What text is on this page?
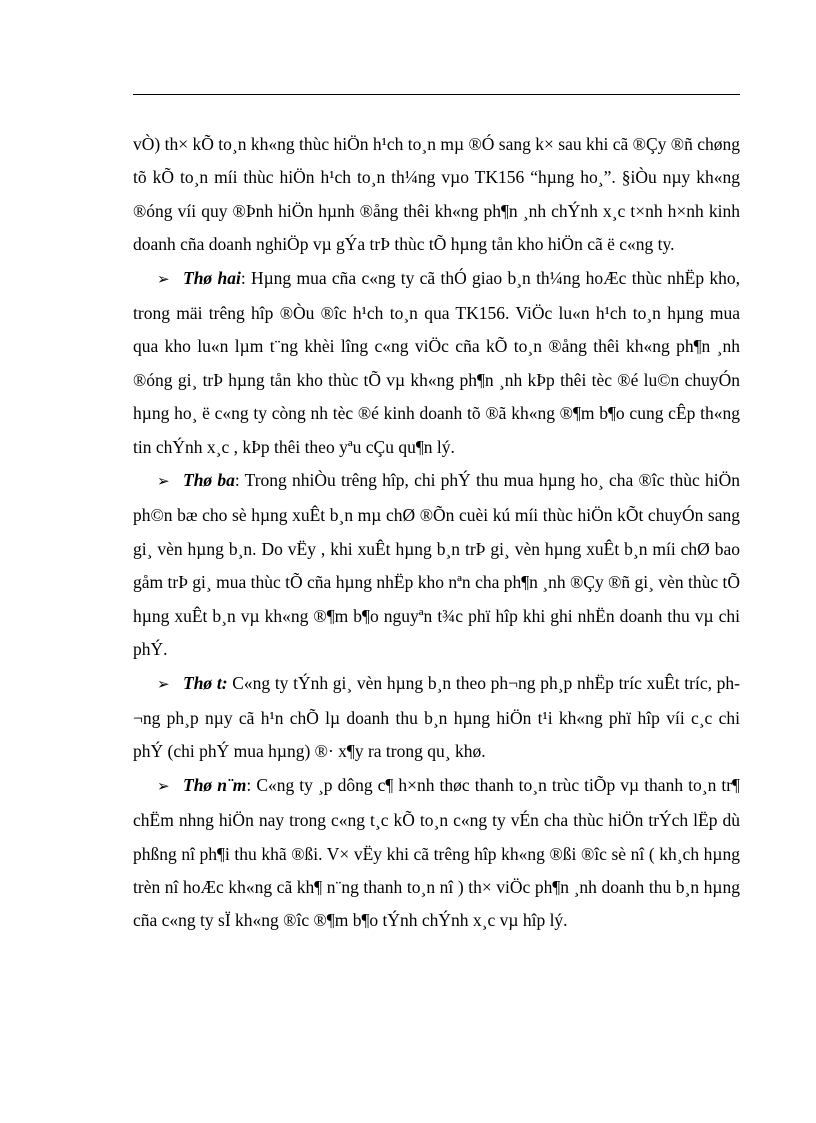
vÒ) th× kÕ to¸n kh«ng thùc hiÖn h¹ch to¸n mµ ®Ó sang k× sau khi cã ®Çy ®ñ chøng tõ kÕ to¸n míi thùc hiÖn h¹ch to¸n th¼ng vµo TK156 “hµng ho¸”. §iÒu nµy kh«ng ®óng víi quy ®Þnh hiÖn hµnh ®ång thêi kh«ng ph¶n ¸nh chÝnh x¸c t×nh h×nh kinh doanh cña doanh nghiÖp vµ gÝa trÞ thùc tÕ hµng tån kho hiÖn cã ë c«ng ty.

➢ Thø hai: Hµng mua cña c«ng ty cã thÓ giao b¸n th¼ng hoÆc thùc nhËp kho, trong mäi trêng hîp ®Òu ®îc h¹ch to¸n qua TK156. ViÖc lu«n h¹ch to¸n hµng mua qua kho lu«n lµm t¨ng khèi lîng c«ng viÖc cña kÕ to¸n ®ång thêi kh«ng ph¶n ¸nh ®óng gi¸ trÞ hµng tån kho thùc tÕ vµ kh«ng ph¶n ¸nh kÞp thêi tèc ®é lu©n chuyÓn hµng ho¸ ë c«ng ty còng nh tèc ®é kinh doanh tõ ®ã kh«ng ®¶m b¶o cung cÊp th«ng tin chÝnh x¸c , kÞp thêi theo yªu cÇu qu¶n lý.

➢ Thø ba: Trong nhiÒu trêng hîp, chi phÝ thu mua hµng ho¸ cha ®îc thùc hiÖn ph©n bæ cho sè hµng xuÊt b¸n mµ chØ ®Õn cuèi kú míi thùc hiÖn kÕt chuyÓn sang gi¸ vèn hµng b¸n. Do vËy , khi xuÊt hµng b¸n trÞ gi¸ vèn hµng xuÊt b¸n míi chØ bao gåm trÞ gi¸ mua thùc tÕ cña hµng nhËp kho nªn cha ph¶n ¸nh ®Çy ®ñ gi¸ vèn thùc tÕ hµng xuÊt b¸n vµ kh«ng ®¶m b¶o nguyªn t¾c phï hîp khi ghi nhËn doanh thu vµ chi phÝ.

➢ Thø t: C«ng ty tÝnh gi¸ vèn hµng b¸n theo ph¬ng ph¸p nhËp tríc xuÊt tríc, ph¬ng ph¸p nµy cã h¹n chÕ lµ doanh thu b¸n hµng hiÖn t¹i kh«ng phï hîp víi c¸c chi phÝ (chi phÝ mua hµng) ®· x¶y ra trong qu¸ khø.

➢ Thø n¨m: C«ng ty ¸p dông c¶ h×nh thøc thanh to¸n trùc tiÕp vµ thanh to¸n tr¶ chËm nhng hiÖn nay trong c«ng t¸c kÕ to¸n c«ng ty vÉn cha thùc hiÖn trÝch lËp dù phßng nî ph¶i thu khã ®ßi. V× vËy khi cã trêng hîp kh«ng ®ßi ®îc sè nî ( kh¸ch hµng trèn nî hoÆc kh«ng cã kh¶ n¨ng thanh to¸n nî ) th× viÖc ph¶n ¸nh doanh thu b¸n hµng cña c«ng ty sÏ kh«ng ®îc ®¶m b¶o tÝnh chÝnh x¸c vµ hîp lý.
